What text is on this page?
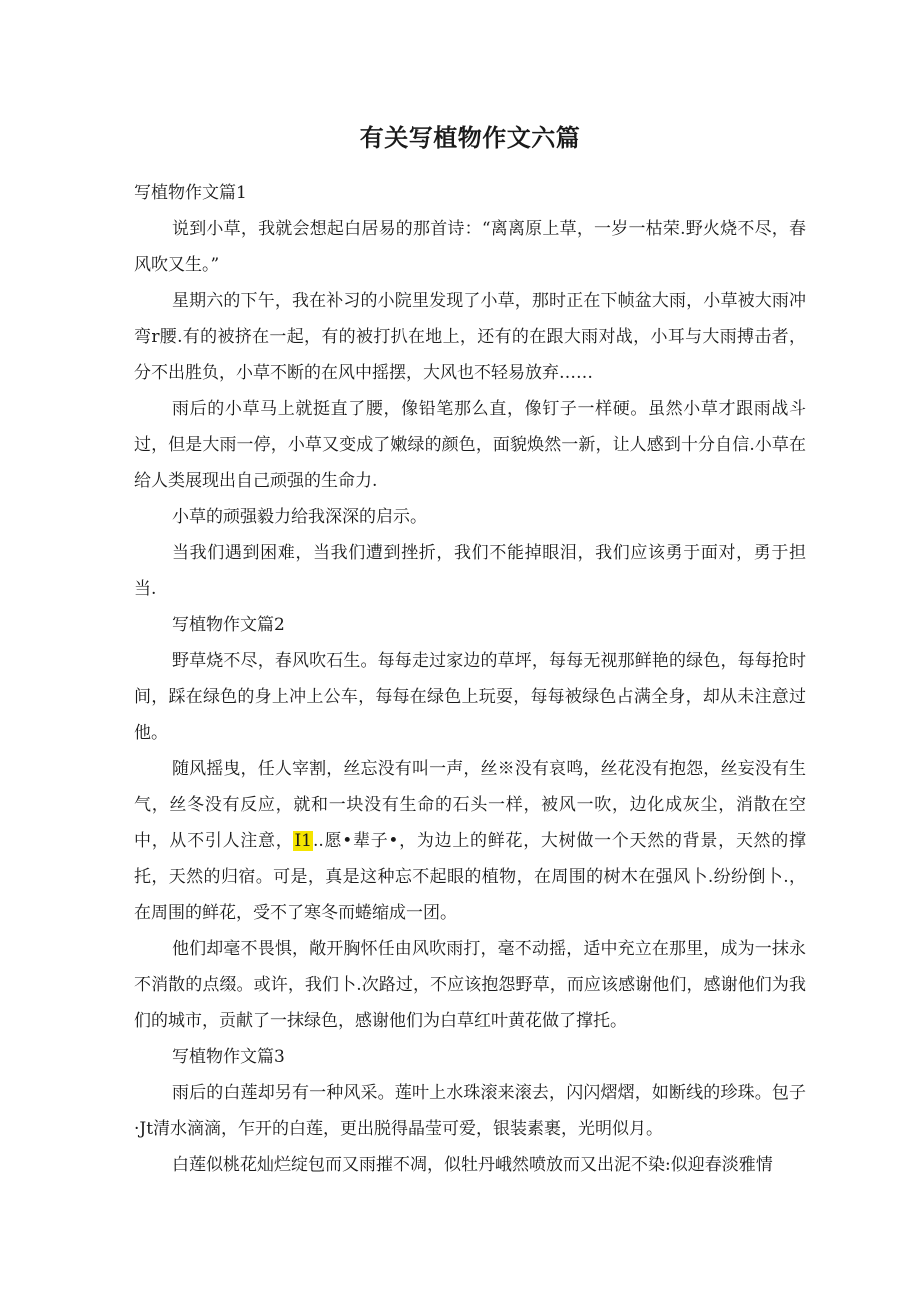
有关写植物作文六篇

写植物作文篇1

说到小草，我就会想起白居易的那首诗：“离离原上草，一岁一枯荣.野火烧不尽，春风吹又生。”

星期六的下午，我在补习的小院里发现了小草，那时正在下帧盆大雨，小草被大雨冲弯r腰.有的被挤在一起，有的被打扒在地上，还有的在跟大雨对战，小耳与大雨搏击者，分不出胜负，小草不断的在风中摇摆，大风也不轻易放弃……

雨后的小草马上就挺直了腰，像铅笔那么直，像钉子一样硬。虽然小草才跟雨战斗过，但是大雨一停，小草又变成了嫩绿的颜色，面貌焕然一新，让人感到十分自信.小草在给人类展现出自己顽强的生命力.

小草的顽强毅力给我深深的启示。

当我们遇到困难，当我们遭到挫折，我们不能掉眼泪，我们应该勇于面对，勇于担当.

写植物作文篇2

野草烧不尽，春风吹石生。每每走过家边的草坪，每每无视那鲜艳的绿色，每每抢时间，踩在绿色的身上冲上公车，每每在绿色上玩耍，每每被绿色占满全身，却从未注意过他。

随风摇曳，任人宰割，丝忘没有叫一声，丝※没有哀鸣，丝花没有抱怨，丝妄没有生气，丝冬没有反应，就和一块没有生命的石头一样，被风一吹，边化成灰尘，消散在空中，从不引人注意，I1..愿•辈子•，为边上的鲜花，大树做一个天然的背景，天然的撑托，天然的归宿。可是，真是这种忘不起眼的植物，在周围的树木在强风卜.纷纷倒卜.，在周围的鲜花，受不了寒冬而蜷缩成一团。

他们却毫不畏惧，敞开胸怀任由风吹雨打，毫不动摇，适中充立在那里，成为一抹永不消散的点缀。或许，我们卜.次路过，不应该抱怨野草，而应该感谢他们，感谢他们为我们的城市，贡献了一抹绿色，感谢他们为白草红叶黄花做了撑托。

写植物作文篇3

雨后的白莲却另有一种风采。莲叶上水珠滚来滚去，闪闪熠熠，如断线的珍珠。包子·Jt清水滴滴，乍开的白莲，更出脱得晶莹可爱，银装素裹，光明似月。

白莲似桃花灿烂绽包而又雨摧不凋，似牡丹峨然喷放而又出泥不染:似迎春淡雅情
